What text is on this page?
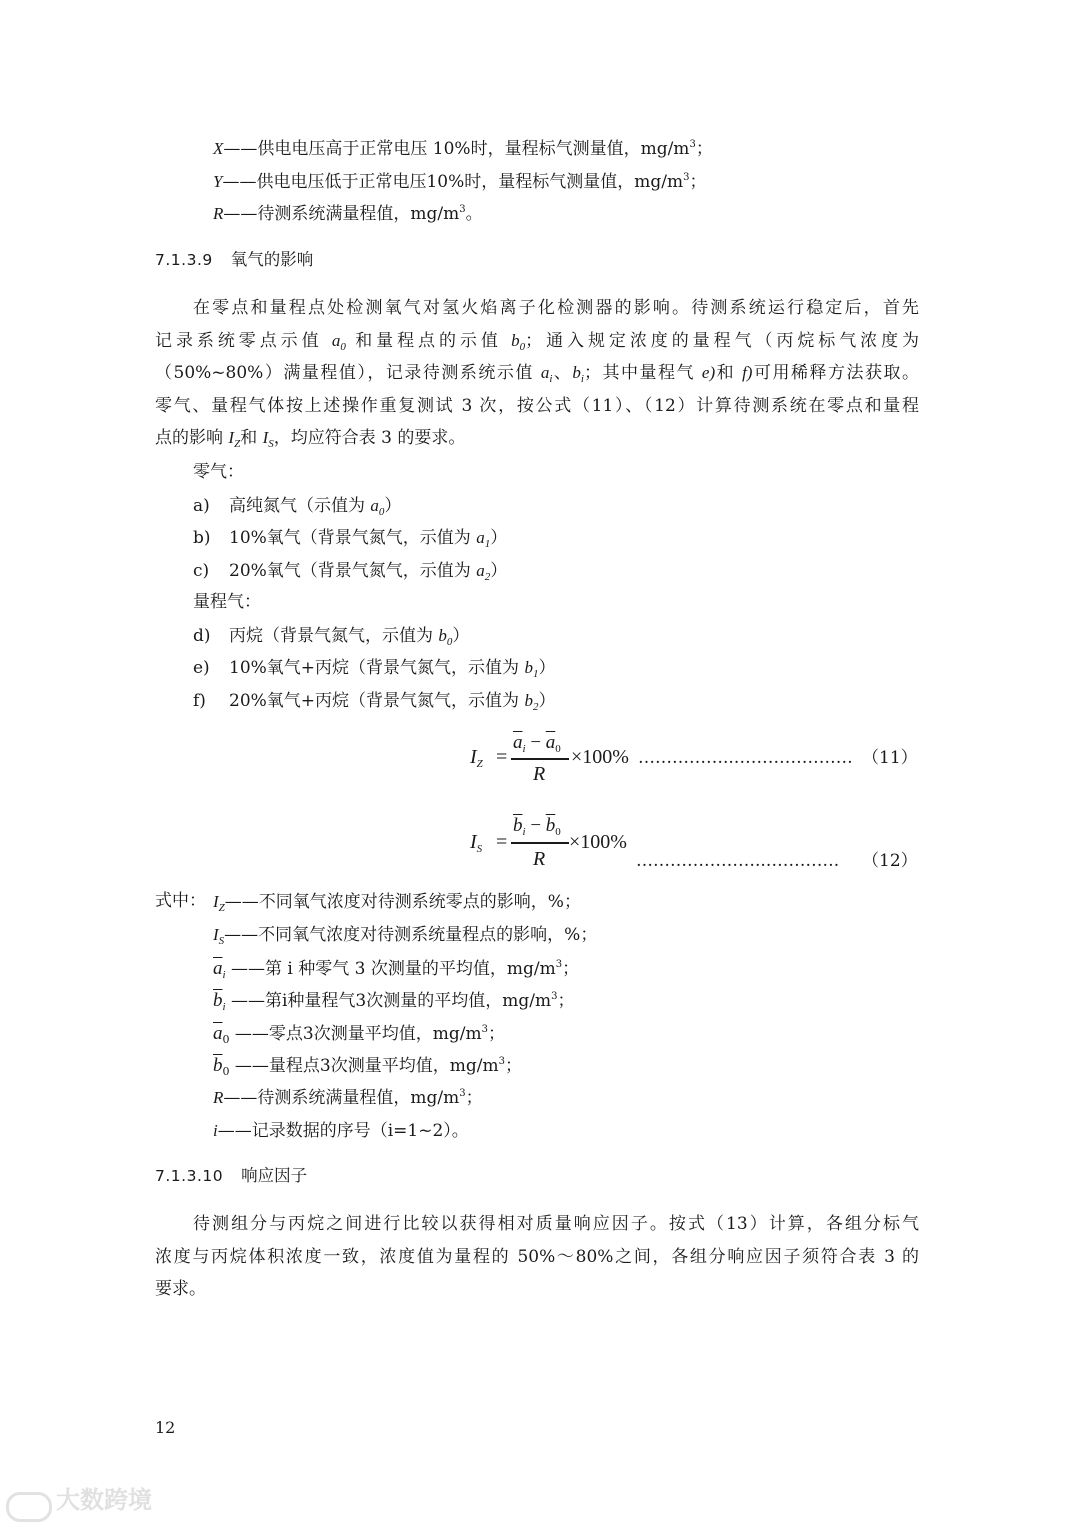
X——供电电压高于正常电压 10%时，量程标气测量值，$mg/m^3$；
Y——供电电压低于正常电压10%时，量程标气测量值，$mg/m^3$；
R——待测系统满量程值，$mg/m^3$。
7.1.3.9 氧气的影响

在零点和量程点处检测氧气对氢火焰离子化检测器的影响。待测系统运行稳定后，首先

记录系统零点示值 $a_0$ 和量程点的示值 $b_0$；通入规定浓度的量程气（丙烷标气浓度为

（50%~80%）满量程值），记录待测系统示值 $a_i$、$b_i$；其中量程气 e)和 f)可用稀释方法获取。

零气、量程气体按上述操作重复测试 3 次，按公式（11）、（12）计算待测系统在零点和量程

点的影响 $I_Z$和 $I_S$，均应符合表 3 的要求。

零气：
a) 高纯氮气（示值为 $a_0$）
b) 10%氧气（背景气氮气，示值为 $a_1$）
c) 20%氧气（背景气氮气，示值为 $a_2$）
量程气：
d) 丙烷（背景气氮气，示值为 $b_0$）
e) 10%氧气+丙烷（背景气氮气，示值为 $b_1$）
f) 20%氧气+丙烷（背景气氮气，示值为 $b_2$）
$I_Z$ =
$\overline{a}_i - \overline{a}_0$
R
×100% ……………..………………… （11）
$I_S$ =
$\overline{b}_i - \overline{b}_0$
R
×100%
…………………..…………. （12）
式中： $I_Z——$不同氧气浓度对待测系统零点的影响，%；
$I_S——$不同氧气浓度对待测系统量程点的影响，%；
$\overline{a}_i$ ——第 i 种零气 3 次测量的平均值，$mg/m^3$；
$\overline{b}_i$ ——第i种量程气3次测量的平均值，$mg/m^3$；
$\overline{a}_0$ ——零点3次测量平均值，$mg/m^3$；
$\overline{b}_0$ ——量程点3次测量平均值，$mg/m^3$；
R——待测系统满量程值，$mg/m^3$；
i——记录数据的序号（i=1~2）。
7.1.3.10 响应因子

待测组分与丙烷之间进行比较以获得相对质量响应因子。按式（13）计算，各组分标气

浓度与丙烷体积浓度一致，浓度值为量程的 50%～80%之间，各组分响应因子须符合表 3 的

要求。

12
大数跨境
